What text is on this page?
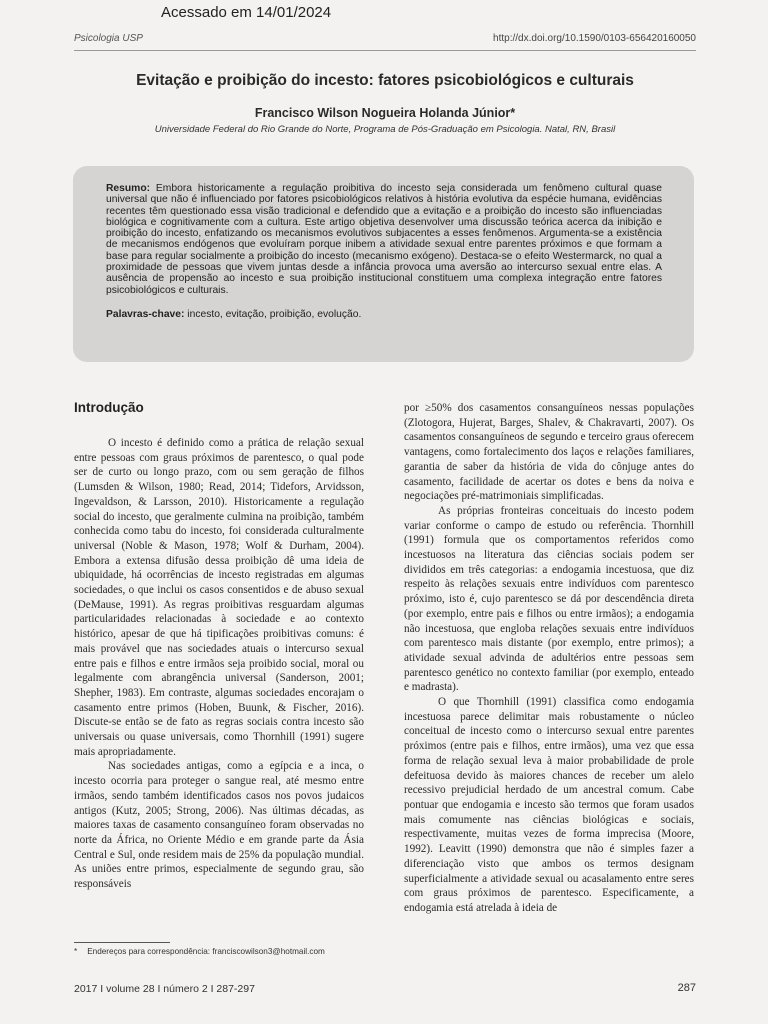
Acessado em 14/01/2024
Psicologia USP	http://dx.doi.org/10.1590/0103-656420160050
Evitação e proibição do incesto: fatores psicobiológicos e culturais
Francisco Wilson Nogueira Holanda Júnior*
Universidade Federal do Rio Grande do Norte, Programa de Pós-Graduação em Psicologia. Natal, RN, Brasil
Resumo: Embora historicamente a regulação proibitiva do incesto seja considerada um fenômeno cultural quase universal que não é influenciado por fatores psicobiológicos relativos à história evolutiva da espécie humana, evidências recentes têm questionado essa visão tradicional e defendido que a evitação e a proibição do incesto são influenciadas biológica e cognitivamente com a cultura. Este artigo objetiva desenvolver uma discussão teórica acerca da inibição e proibição do incesto, enfatizando os mecanismos evolutivos subjacentes a esses fenômenos. Argumenta-se a existência de mecanismos endógenos que evoluíram porque inibem a atividade sexual entre parentes próximos e que formam a base para regular socialmente a proibição do incesto (mecanismo exógeno). Destaca-se o efeito Westermarck, no qual a proximidade de pessoas que vivem juntas desde a infância provoca uma aversão ao intercurso sexual entre elas. A ausência de propensão ao incesto e sua proibição institucional constituem uma complexa integração entre fatores psicobiológicos e culturais.
Palavras-chave: incesto, evitação, proibição, evolução.
Introdução

O incesto é definido como a prática de relação sexual entre pessoas com graus próximos de parentesco, o qual pode ser de curto ou longo prazo, com ou sem geração de filhos (Lumsden & Wilson, 1980; Read, 2014; Tidefors, Arvidsson, Ingevaldson, & Larsson, 2010). Historicamente a regulação social do incesto, que geralmente culmina na proibição, também conhecida como tabu do incesto, foi considerada culturalmente universal (Noble & Mason, 1978; Wolf & Durham, 2004). Embora a extensa difusão dessa proibição dê uma ideia de ubiquidade, há ocorrências de incesto registradas em algumas sociedades, o que inclui os casos consentidos e de abuso sexual (DeMause, 1991). As regras proibitivas resguardam algumas particularidades relacionadas à sociedade e ao contexto histórico, apesar de que há tipificações proibitivas comuns: é mais provável que nas sociedades atuais o intercurso sexual entre pais e filhos e entre irmãos seja proibido social, moral ou legalmente com abrangência universal (Sanderson, 2001; Shepher, 1983). Em contraste, algumas sociedades encorajam o casamento entre primos (Hoben, Buunk, & Fischer, 2016). Discute-se então se de fato as regras sociais contra incesto são universais ou quase universais, como Thornhill (1991) sugere mais apropriadamente.

Nas sociedades antigas, como a egípcia e a inca, o incesto ocorria para proteger o sangue real, até mesmo entre irmãos, sendo também identificados casos nos povos judaicos antigos (Kutz, 2005; Strong, 2006). Nas últimas décadas, as maiores taxas de casamento consanguíneo foram observadas no norte da África, no Oriente Médio e em grande parte da Ásia Central e Sul, onde residem mais de 25% da população mundial. As uniões entre primos, especialmente de segundo grau, são responsáveis

por ≥50% dos casamentos consanguíneos nessas populações (Zlotogora, Hujerat, Barges, Shalev, & Chakravarti, 2007). Os casamentos consanguíneos de segundo e terceiro graus oferecem vantagens, como fortalecimento dos laços e relações familiares, garantia de saber da história de vida do cônjuge antes do casamento, facilidade de acertar os dotes e bens da noiva e negociações pré-matrimoniais simplificadas.

As próprias fronteiras conceituais do incesto podem variar conforme o campo de estudo ou referência. Thornhill (1991) formula que os comportamentos referidos como incestuosos na literatura das ciências sociais podem ser divididos em três categorias: a endogamia incestuosa, que diz respeito às relações sexuais entre indivíduos com parentesco próximo, isto é, cujo parentesco se dá por descendência direta (por exemplo, entre pais e filhos ou entre irmãos); a endogamia não incestuosa, que engloba relações sexuais entre indivíduos com parentesco mais distante (por exemplo, entre primos); a atividade sexual advinda de adultérios entre pessoas sem parentesco genético no contexto familiar (por exemplo, enteado e madrasta).

O que Thornhill (1991) classifica como endogamia incestuosa parece delimitar mais robustamente o núcleo conceitual de incesto como o intercurso sexual entre parentes próximos (entre pais e filhos, entre irmãos), uma vez que essa forma de relação sexual leva à maior probabilidade de prole defeituosa devido às maiores chances de receber um alelo recessivo prejudicial herdado de um ancestral comum. Cabe pontuar que endogamia e incesto são termos que foram usados mais comumente nas ciências biológicas e sociais, respectivamente, muitas vezes de forma imprecisa (Moore, 1992). Leavitt (1990) demonstra que não é simples fazer a diferenciação visto que ambos os termos designam superficialmente a atividade sexual ou acasalamento entre seres com graus próximos de parentesco. Especificamente, a endogamia está atrelada à ideia de

* Endereços para correspondência: franciscowilson3@hotmail.com
2017 I volume 28 I número 2 I 287-297	287
